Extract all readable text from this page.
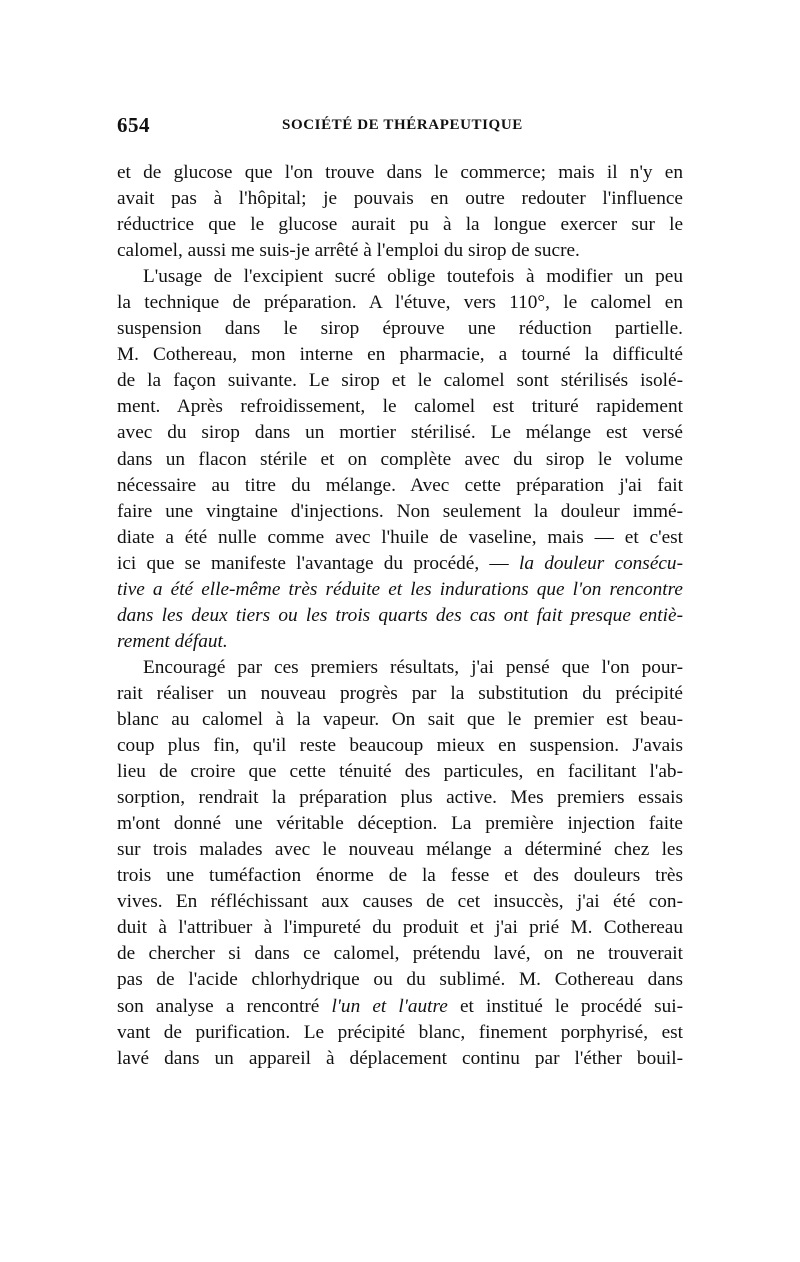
654	SOCIÉTÉ DE THÉRAPEUTIQUE
et de glucose que l'on trouve dans le commerce; mais il n'y en
avait pas à l'hôpital; je pouvais en outre redouter l'influence
réductrice que le glucose aurait pu à la longue exercer sur le
calomel, aussi me suis-je arrêté à l'emploi du sirop de sucre.
L'usage de l'excipient sucré oblige toutefois à modifier un peu
la technique de préparation. A l'étuve, vers 110°, le calomel en
suspension dans le sirop éprouve une réduction partielle.
M. Cothereau, mon interne en pharmacie, a tourné la difficulté
de la façon suivante. Le sirop et le calomel sont stérilisés isolé-
ment. Après refroidissement, le calomel est trituré rapidement
avec du sirop dans un mortier stérilisé. Le mélange est versé
dans un flacon stérile et on complète avec du sirop le volume
nécessaire au titre du mélange. Avec cette préparation j'ai fait
faire une vingtaine d'injections. Non seulement la douleur immé-
diate a été nulle comme avec l'huile de vaseline, mais — et c'est
ici que se manifeste l'avantage du procédé, — la douleur consécu-
tive a été elle-même très réduite et les indurations que l'on rencontre
dans les deux tiers ou les trois quarts des cas ont fait presque entiè-
rement défaut.
Encouragé par ces premiers résultats, j'ai pensé que l'on pour-
rait réaliser un nouveau progrès par la substitution du précipité
blanc au calomel à la vapeur. On sait que le premier est beau-
coup plus fin, qu'il reste beaucoup mieux en suspension. J'avais
lieu de croire que cette ténuité des particules, en facilitant l'ab-
sorption, rendrait la préparation plus active. Mes premiers essais
m'ont donné une véritable déception. La première injection faite
sur trois malades avec le nouveau mélange a déterminé chez les
trois une tuméfaction énorme de la fesse et des douleurs très
vives. En réfléchissant aux causes de cet insuccès, j'ai été con-
duit à l'attribuer à l'impureté du produit et j'ai prié M. Cothereau
de chercher si dans ce calomel, prétendu lavé, on ne trouverait
pas de l'acide chlorhydrique ou du sublimé. M. Cothereau dans
son analyse a rencontré l'un et l'autre et institué le procédé sui-
vant de purification. Le précipité blanc, finement porphyrisé, est
lavé dans un appareil à déplacement continu par l'éther bouil-
